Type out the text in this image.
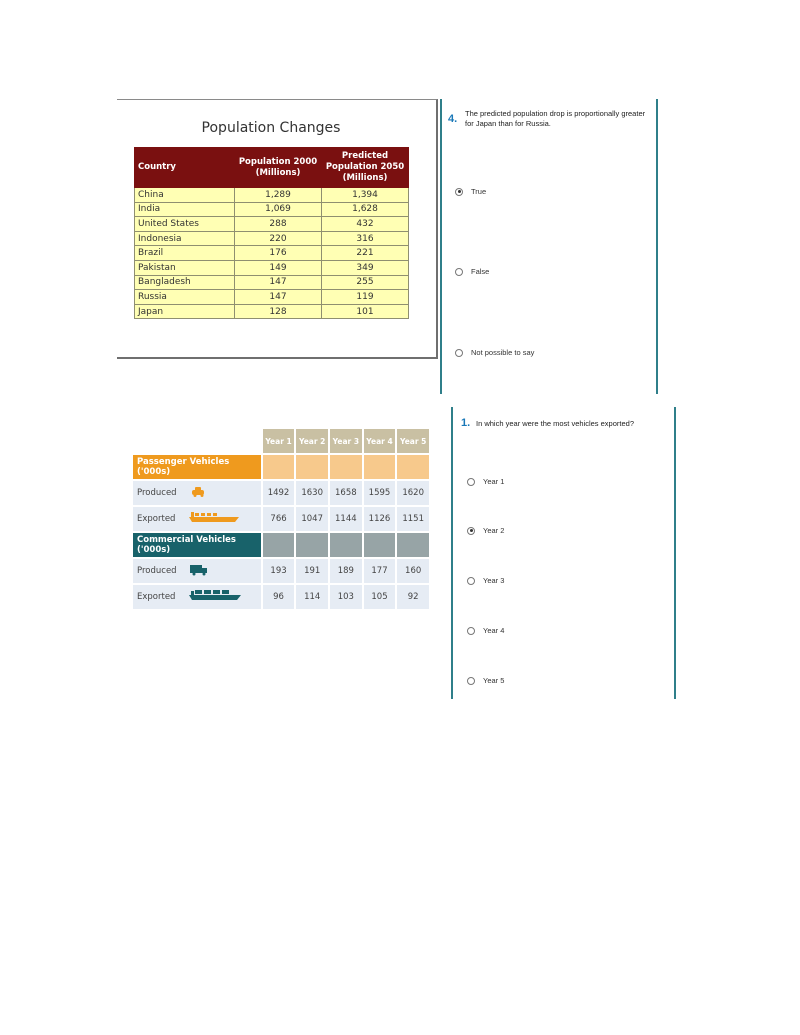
Population Changes
Country	Population 2000 (Millions)	Predicted Population 2050 (Millions)
China	1,289	1,394
India	1,069	1,628
United States	288	432
Indonesia	220	316
Brazil	176	221
Pakistan	149	349
Bangladesh	147	255
Russia	147	119
Japan	128	101
4. The predicted population drop is proportionally greater for Japan than for Russia.
True
False
Not possible to say
	Year 1	Year 2	Year 3	Year 4	Year 5
Passenger Vehicles ('000s)					
Produced	1492	1630	1658	1595	1620
Exported	766	1047	1144	1126	1151
Commercial Vehicles ('000s)					
Produced	193	191	189	177	160
Exported	96	114	103	105	92
1. In which year were the most vehicles exported?
Year 1
Year 2
Year 3
Year 4
Year 5
